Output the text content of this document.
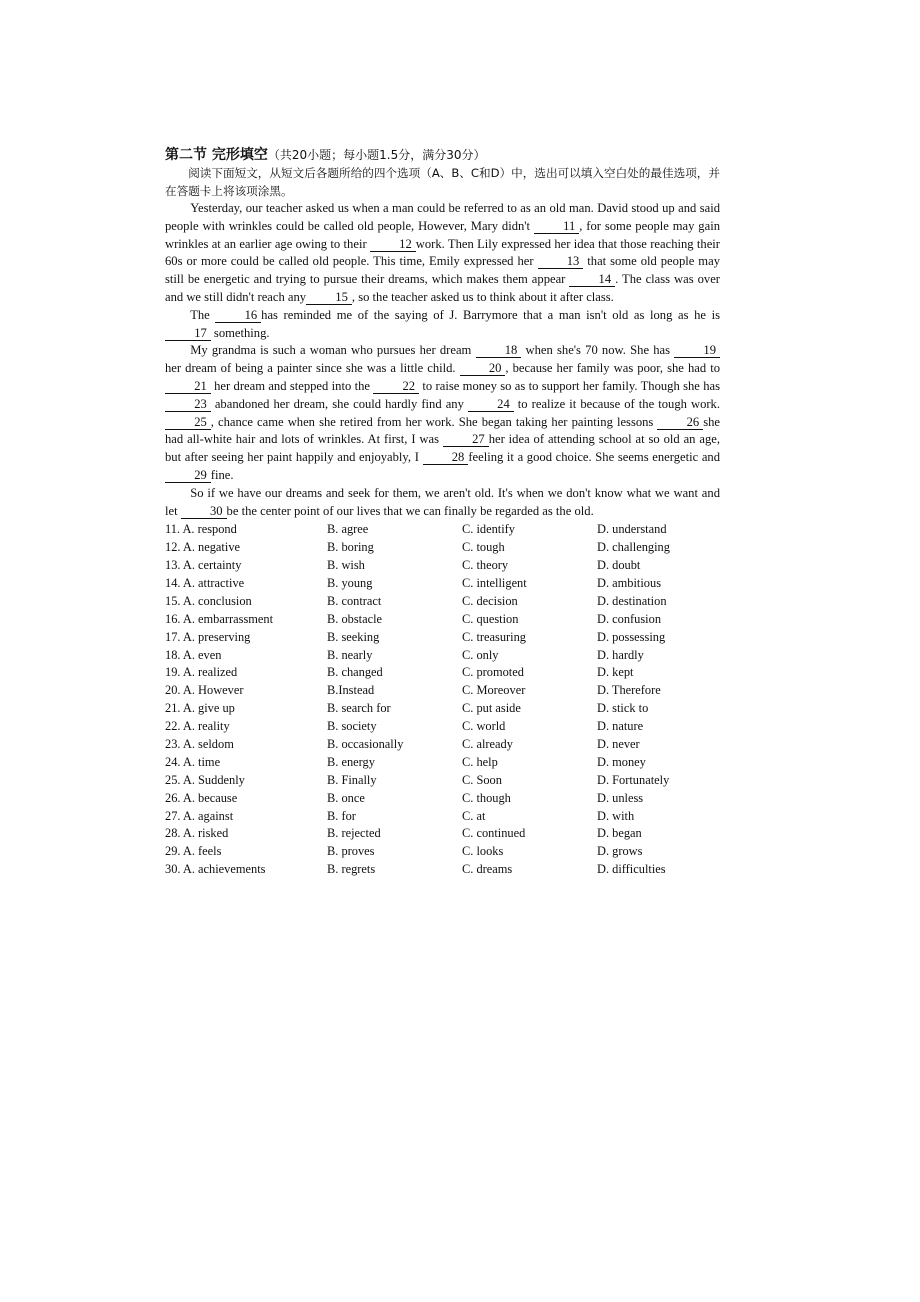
第二节 完形填空（共20小题；每小题1.5分，满分30分）

阅读下面短文，从短文后各题所给的四个选项（A、B、C和D）中，选出可以填入空白处的最佳选项，并在答题卡上将该项涂黑。

Yesterday, our teacher asked us when a man could be referred to as an old man. David stood up and said people with wrinkles could be called old people, However, Mary didn't 11 , for some people may gain wrinkles at an earlier age owing to their 12 work. Then Lily expressed her idea that those reaching their 60s or more could be called old people. This time, Emily expressed her 13 that some old people may still be energetic and trying to pursue their dreams, which makes them appear 14 . The class was over and we still didn't reach any 15 , so the teacher asked us to think about it after class.

The 16 has reminded me of the saying of J. Barrymore that a man isn't old as long as he is 17 something.

My grandma is such a woman who pursues her dream 18 when she's 70 now. She has 19 her dream of being a painter since she was a little child. 20 , because her family was poor, she had to 21 her dream and stepped into the 22 to raise money so as to support her family. Though she has 23 abandoned her dream, she could hardly find any 24 to realize it because of the tough work. 25 , chance came when she retired from her work. She began taking her painting lessons 26 she had all-white hair and lots of wrinkles. At first, I was 27 her idea of attending school at so old an age, but after seeing her paint happily and enjoyably, I 28 feeling it a good choice. She seems energetic and 29 fine.

So if we have our dreams and seek for them, we aren't old. It's when we don't know what we want and let 30 be the center point of our lives that we can finally be regarded as the old.

11. A. respond	B. agree	C. identify	D. understand
12. A. negative	B. boring	C. tough	D. challenging
13. A. certainty	B. wish	C. theory	D. doubt
14. A. attractive	B. young	C. intelligent	D. ambitious
15. A. conclusion	B. contract	C. decision	D. destination
16. A. embarrassment	B. obstacle	C. question	D. confusion
17. A. preserving	B. seeking	C. treasuring	D. possessing
18. A. even	B. nearly	C. only	D. hardly
19. A. realized	B. changed	C. promoted	D. kept
20. A. However	B.Instead	C. Moreover	D. Therefore
21. A. give up	B. search for	C. put aside	D. stick to
22. A. reality	B. society	C. world	D. nature
23. A. seldom	B. occasionally	C. already	D. never
24. A. time	B. energy	C. help	D. money
25. A. Suddenly	B. Finally	C. Soon	D. Fortunately
26. A. because	B. once	C. though	D. unless
27. A. against	B. for	C. at	D. with
28. A. risked	B. rejected	C. continued	D. began
29. A. feels	B. proves	C. looks	D. grows
30. A. achievements	B. regrets	C. dreams	D. difficulties
